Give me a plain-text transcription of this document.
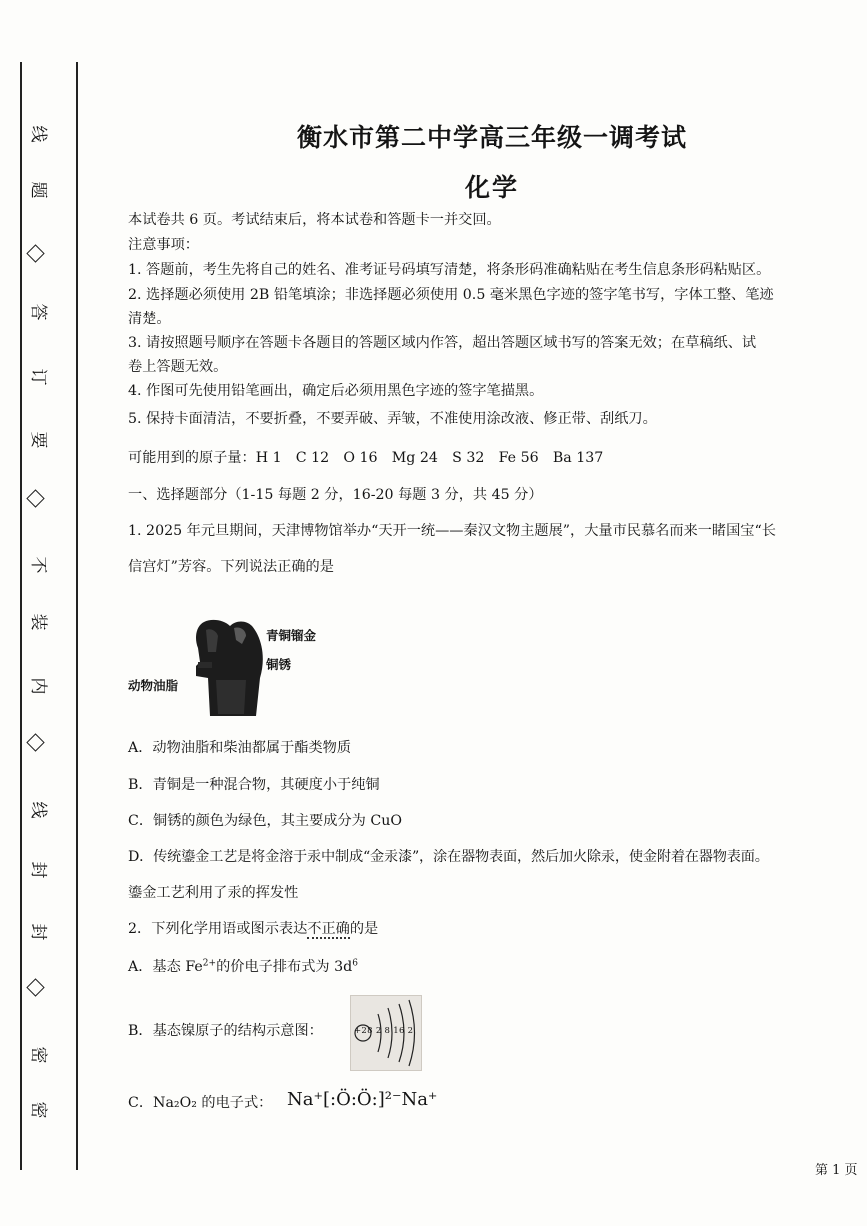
线
题
答
订
要
不
装
内
线
封
封
密
密
衡水市第二中学高三年级一调考试
化学
本试卷共 6 页。考试结束后，将本试卷和答题卡一并交回。
注意事项：
1. 答题前，考生先将自己的姓名、准考证号码填写清楚，将条形码准确粘贴在考生信息条形码粘贴区。
2. 选择题必须使用 2B 铅笔填涂；非选择题必须使用 0.5 毫米黑色字迹的签字笔书写，字体工整、笔迹
清楚。
3. 请按照题号顺序在答题卡各题目的答题区域内作答，超出答题区域书写的答案无效；在草稿纸、试
卷上答题无效。
4. 作图可先使用铅笔画出，确定后必须用黑色字迹的签字笔描黑。
5. 保持卡面清洁，不要折叠，不要弄破、弄皱，不准使用涂改液、修正带、刮纸刀。
可能用到的原子量：H 1　C 12　O 16　Mg 24　S 32　Fe 56　Ba 137
一、选择题部分（1-15 每题 2 分，16-20 每题 3 分，共 45 分）
1. 2025 年元旦期间，天津博物馆举办“天开一统——秦汉文物主题展”，大量市民慕名而来一睹国宝“长
信宫灯”芳容。下列说法正确的是
青铜镏金
铜锈
动物油脂
A．动物油脂和柴油都属于酯类物质
B．青铜是一种混合物，其硬度小于纯铜
C．铜锈的颜色为绿色，其主要成分为 CuO
D．传统鎏金工艺是将金溶于汞中制成“金汞漆”，涂在器物表面，然后加火除汞，使金附着在器物表面。
鎏金工艺利用了汞的挥发性
2．下列化学用语或图示表达不正确的是
A．基态 $Fe^{2+}$的价电子排布式为 $3d^6$
B．基态镍原子的结构示意图：	+28 2 8 16 2
C．Na₂O₂ 的电子式： Na⁺[:Ö:Ö:]²⁻Na⁺
第 1 页
